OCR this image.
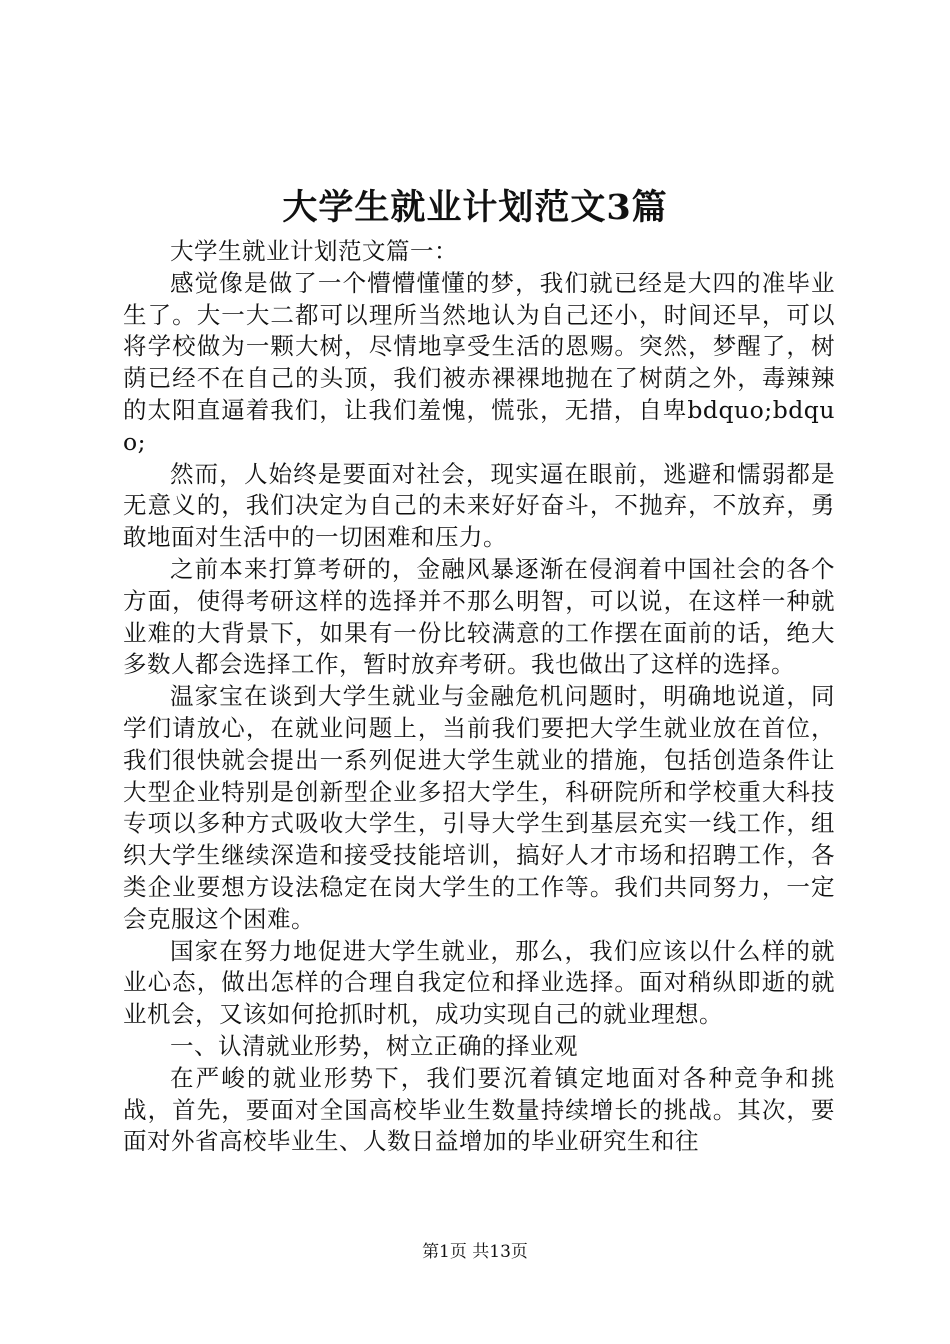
大学生就业计划范文3篇

大学生就业计划范文篇一：

感觉像是做了一个懵懵懂懂的梦，我们就已经是大四的准毕业生了。大一大二都可以理所当然地认为自己还小，时间还早，可以将学校做为一颗大树，尽情地享受生活的恩赐。突然，梦醒了，树荫已经不在自己的头顶，我们被赤裸裸地抛在了树荫之外，毒辣辣的太阳直逼着我们，让我们羞愧，慌张，无措，自卑bdquo;bdquo;

然而，人始终是要面对社会，现实逼在眼前，逃避和懦弱都是无意义的，我们决定为自己的未来好好奋斗，不抛弃，不放弃，勇敢地面对生活中的一切困难和压力。

之前本来打算考研的，金融风暴逐渐在侵润着中国社会的各个方面，使得考研这样的选择并不那么明智，可以说，在这样一种就业难的大背景下，如果有一份比较满意的工作摆在面前的话，绝大多数人都会选择工作，暂时放弃考研。我也做出了这样的选择。

温家宝在谈到大学生就业与金融危机问题时，明确地说道，同学们请放心，在就业问题上，当前我们要把大学生就业放在首位，我们很快就会提出一系列促进大学生就业的措施，包括创造条件让大型企业特别是创新型企业多招大学生，科研院所和学校重大科技专项以多种方式吸收大学生，引导大学生到基层充实一线工作，组织大学生继续深造和接受技能培训，搞好人才市场和招聘工作，各类企业要想方设法稳定在岗大学生的工作等。我们共同努力，一定会克服这个困难。

国家在努力地促进大学生就业，那么，我们应该以什么样的就业心态，做出怎样的合理自我定位和择业选择。面对稍纵即逝的就业机会，又该如何抢抓时机，成功实现自己的就业理想。

一、认清就业形势，树立正确的择业观

在严峻的就业形势下，我们要沉着镇定地面对各种竞争和挑战，首先，要面对全国高校毕业生数量持续增长的挑战。其次，要面对外省高校毕业生、人数日益增加的毕业研究生和往

第1页 共13页
